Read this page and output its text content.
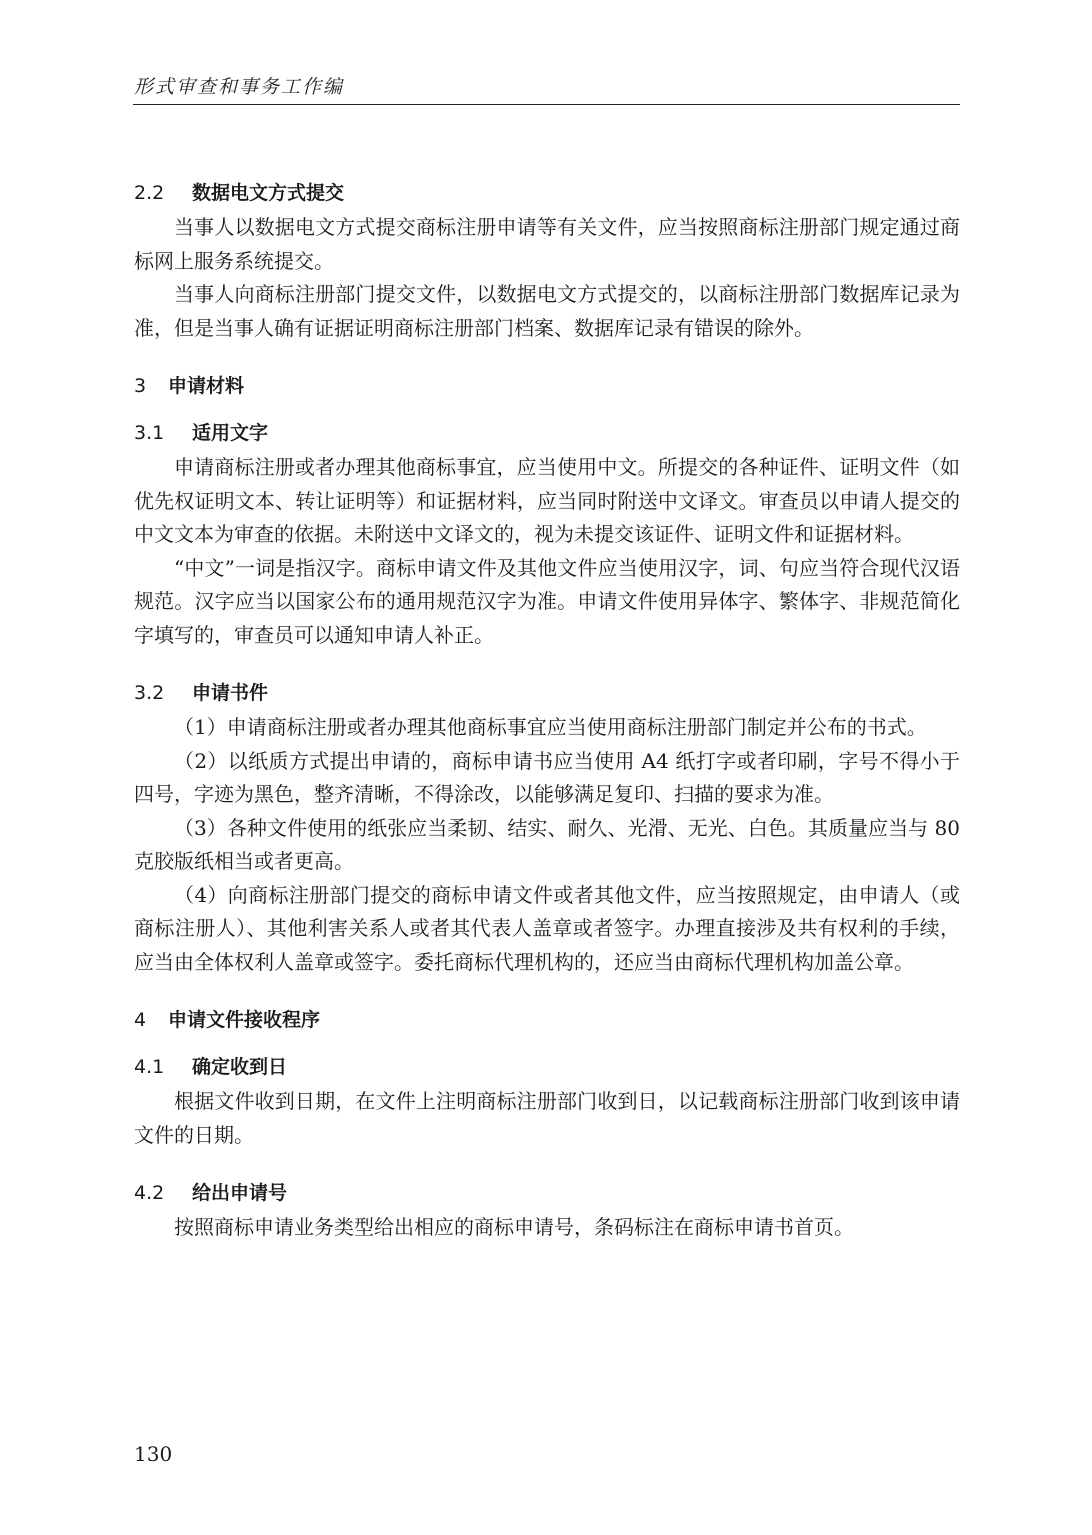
形式审查和事务工作编
2.2 数据电文方式提交

当事人以数据电文方式提交商标注册申请等有关文件，应当按照商标注册部门规定通过商标网上服务系统提交。

当事人向商标注册部门提交文件，以数据电文方式提交的，以商标注册部门数据库记录为准，但是当事人确有证据证明商标注册部门档案、数据库记录有错误的除外。

3 申请材料
3.1 适用文字

申请商标注册或者办理其他商标事宜，应当使用中文。所提交的各种证件、证明文件（如优先权证明文本、转让证明等）和证据材料，应当同时附送中文译文。审查员以申请人提交的中文文本为审查的依据。未附送中文译文的，视为未提交该证件、证明文件和证据材料。

“中文”一词是指汉字。商标申请文件及其他文件应当使用汉字，词、句应当符合现代汉语规范。汉字应当以国家公布的通用规范汉字为准。申请文件使用异体字、繁体字、非规范简化字填写的，审查员可以通知申请人补正。

3.2 申请书件

（1）申请商标注册或者办理其他商标事宜应当使用商标注册部门制定并公布的书式。

（2）以纸质方式提出申请的，商标申请书应当使用 A4 纸打字或者印刷，字号不得小于四号，字迹为黑色，整齐清晰，不得涂改，以能够满足复印、扫描的要求为准。

（3）各种文件使用的纸张应当柔韧、结实、耐久、光滑、无光、白色。其质量应当与 80 克胶版纸相当或者更高。

（4）向商标注册部门提交的商标申请文件或者其他文件，应当按照规定，由申请人（或商标注册人）、其他利害关系人或者其代表人盖章或者签字。办理直接涉及共有权利的手续，应当由全体权利人盖章或签字。委托商标代理机构的，还应当由商标代理机构加盖公章。

4 申请文件接收程序
4.1 确定收到日

根据文件收到日期，在文件上注明商标注册部门收到日，以记载商标注册部门收到该申请文件的日期。

4.2 给出申请号

按照商标申请业务类型给出相应的商标申请号，条码标注在商标申请书首页。

130
